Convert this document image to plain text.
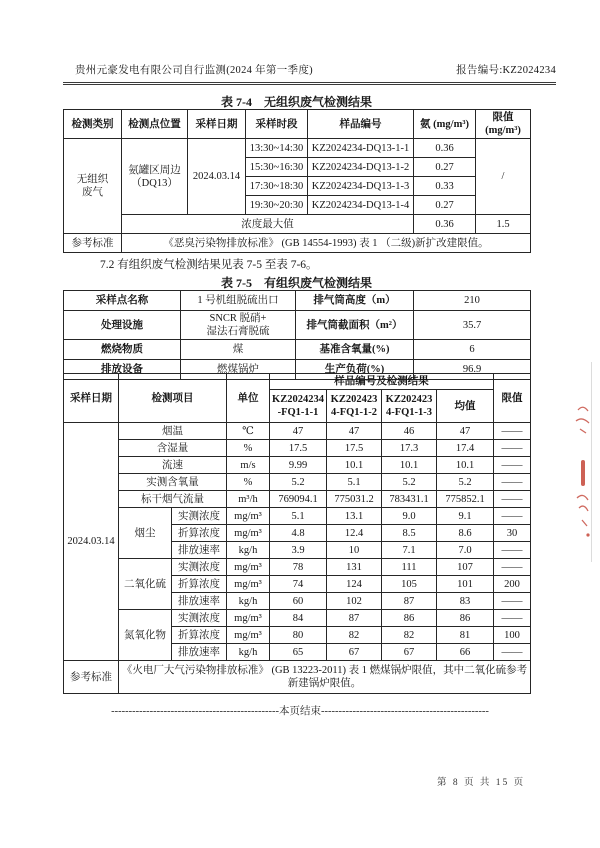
贵州元豪发电有限公司自行监测(2024 年第一季度)	报告编号:KZ2024234
表 7-4　无组织废气检测结果
检测类别	检测点位置	采样日期	采样时段	样品编号	氨 (mg/m³)	限值
(mg/m³)

无组织
废气	氨罐区周边
（DQ13）	2024.03.14	13:30~14:30	KZ2024234-DQ13-1-1	0.36	/
			15:30~16:30	KZ2024234-DQ13-1-2	0.27	
			17:30~18:30	KZ2024234-DQ13-1-3	0.33	
			19:30~20:30	KZ2024234-DQ13-1-4	0.27	
	浓度最大值				0.36	1.5
参考标准	《恶臭污染物排放标准》 (GB 14554-1993) 表 1 （二级)新扩改建限值。					
7.2 有组织废气检测结果见表 7-5 至表 7-6。
表 7-5　有组织废气检测结果
采样点名称	1 号机组脱硫出口	排气筒高度（m）	210
处理设施	SNCR 脱硝+
湿法石膏脱硫	排气筒截面积（m²）	35.7
燃烧物质	煤	基准含氧量(%)	6
排放设备	燃煤锅炉	生产负荷(%)	96.9
采样日期	检测项目		单位	样品编号及检测结果				限值
				KZ2024234-FQ1-1-1	KZ2024234-FQ1-1-2	KZ2024234-FQ1-1-3	均值	
2024.03.14	烟温		℃	47	47	46	47	——
	含湿量		%	17.5	17.5	17.3	17.4	——
	流速		m/s	9.99	10.1	10.1	10.1	——
	实测含氧量		%	5.2	5.1	5.2	5.2	——
	标干烟气流量		m³/h	769094.1	775031.2	783431.1	775852.1	——
	烟尘	实测浓度	mg/m³	5.1	13.1	9.0	9.1	——
		折算浓度	mg/m³	4.8	12.4	8.5	8.6	30
		排放速率	kg/h	3.9	10	7.1	7.0	——
	二氧化硫	实测浓度	mg/m³	78	131	111	107	——
		折算浓度	mg/m³	74	124	105	101	200
		排放速率	kg/h	60	102	87	83	——
	氮氧化物	实测浓度	mg/m³	84	87	86	86	——
		折算浓度	mg/m³	80	82	82	81	100
		排放速率	kg/h	65	67	67	66	——
参考标准	《火电厂大气污染物排放标准》 (GB 13223-2011) 表 1 燃煤锅炉限值，其中二氧化硫参考新建锅炉限值。							
------------------------------------------------本页结束------------------------------------------------
第 8 页 共 15 页
